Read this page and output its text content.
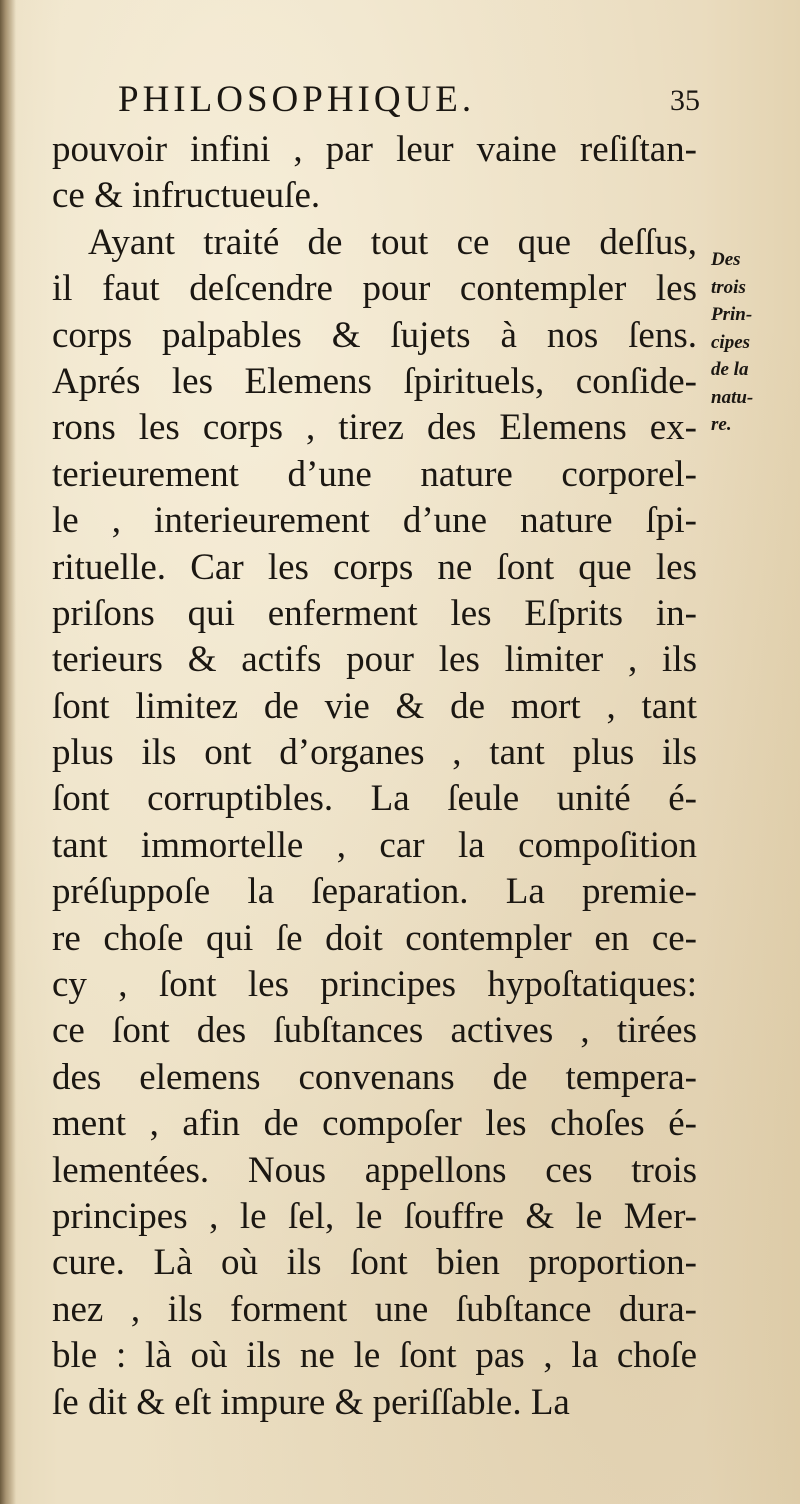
PHILOSOPHIQUE.	35
pouvoir infini , par leur vaine reſiſtan-
ce & infructueuſe.
Ayant traité de tout ce que deſſus,
il faut deſcendre pour contempler les
corps palpables & ſujets à nos ſens.
Aprés les Elemens ſpirituels, conſide-
rons les corps , tirez des Elemens ex-
terieurement d’une nature corporel-
le , interieurement d’une nature ſpi-
rituelle. Car les corps ne ſont que les
priſons qui enferment les Eſprits in-
terieurs & actifs pour les limiter , ils
ſont limitez de vie & de mort , tant
plus ils ont d’organes , tant plus ils
ſont corruptibles. La ſeule unité é-
tant immortelle , car la compoſition
préſuppoſe la ſeparation. La premie-
re choſe qui ſe doit contempler en ce-
cy , ſont les principes hypoſtatiques:
ce ſont des ſubſtances actives , tirées
des elemens convenans de tempera-
ment , afin de compoſer les choſes é-
lementées. Nous appellons ces trois
principes , le ſel, le ſouffre & le Mer-
cure. Là où ils ſont bien proportion-
nez , ils forment une ſubſtance dura-
ble : là où ils ne le ſont pas , la choſe
ſe dit & eſt impure & periſſable. La
Des
trois
Prin-
cipes
de la
natu-
re.
